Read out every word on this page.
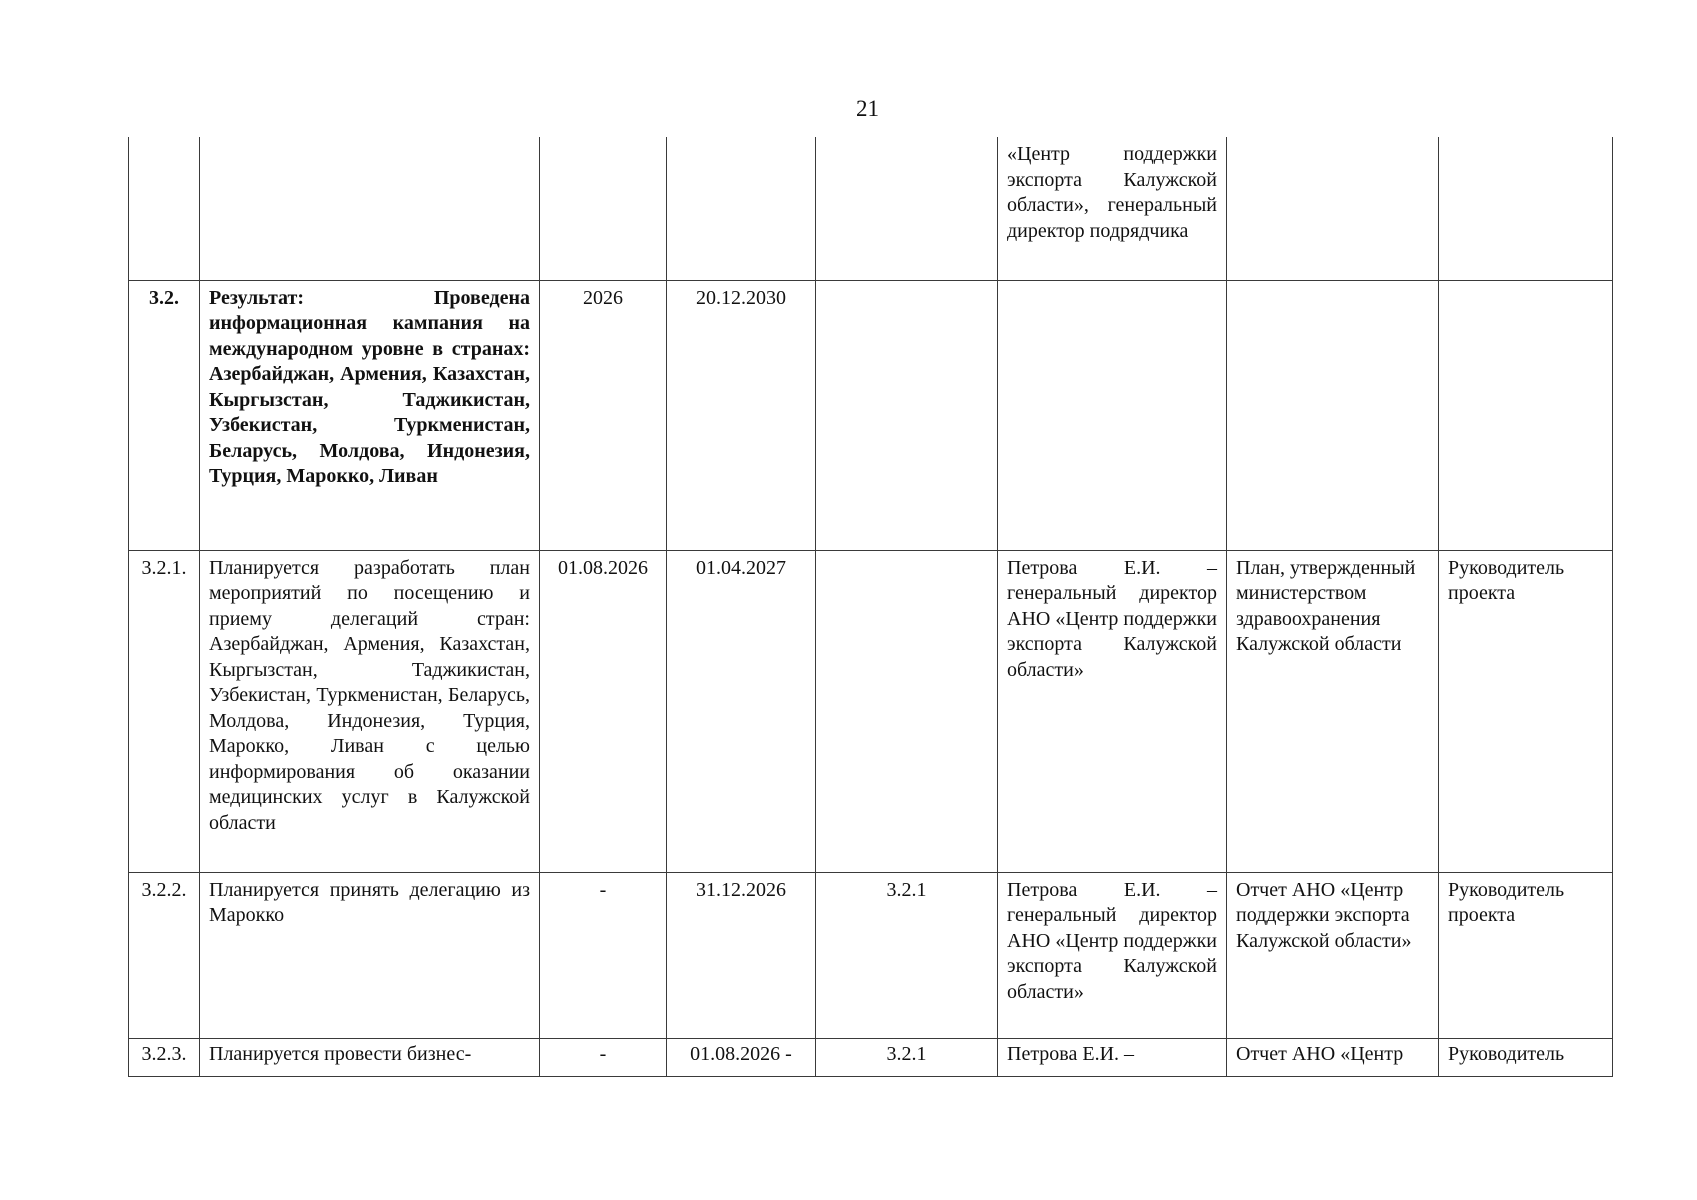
21
					«Центр поддержки экспорта Калужской области», генеральный директор подрядчика		
3.2.	Результат: Проведена информационная кампания на международном уровне в странах: Азербайджан, Армения, Казахстан, Кыргызстан, Таджикистан, Узбекистан, Туркменистан, Беларусь, Молдова, Индонезия, Турция, Марокко, Ливан	2026	20.12.2030				
3.2.1.	Планируется разработать план мероприятий по посещению и приему делегаций стран: Азербайджан, Армения, Казахстан, Кыргызстан, Таджикистан, Узбекистан, Туркменистан, Беларусь, Молдова, Индонезия, Турция, Марокко, Ливан с целью информирования об оказании медицинских услуг в Калужской области	01.08.2026	01.04.2027		Петрова Е.И. – генеральный директор АНО «Центр поддержки экспорта Калужской области»	План, утвержденный министерством здравоохранения Калужской области	Руководитель проекта
3.2.2.	Планируется принять делегацию из Марокко	-	31.12.2026	3.2.1	Петрова Е.И. – генеральный директор АНО «Центр поддержки экспорта Калужской области»	Отчет АНО «Центр поддержки экспорта Калужской области»	Руководитель проекта
3.2.3.	Планируется провести бизнес-	-	01.08.2026 -	3.2.1	Петрова Е.И. –	Отчет АНО «Центр	Руководитель
